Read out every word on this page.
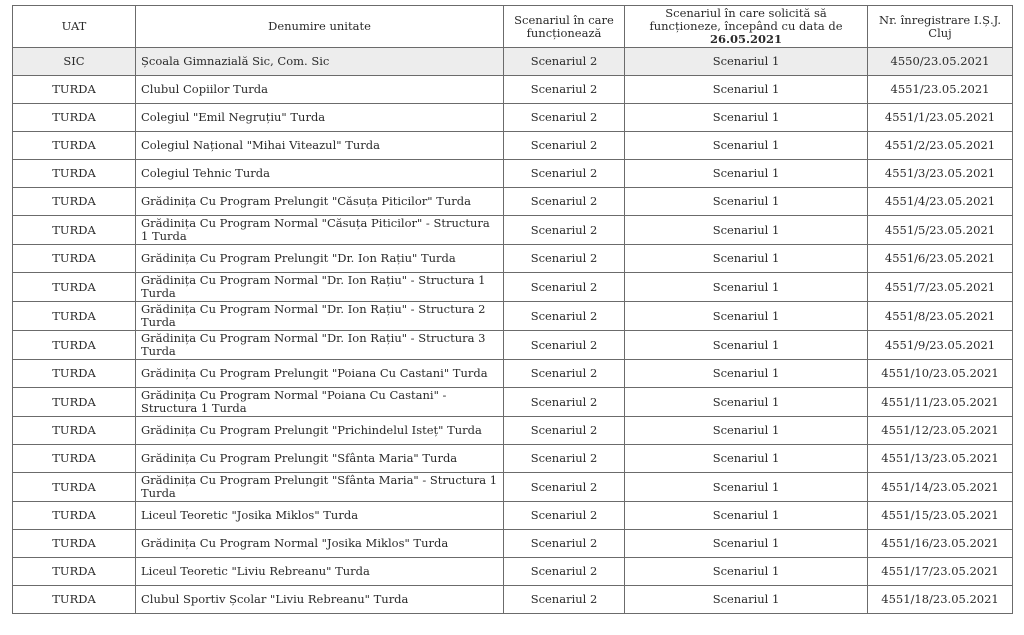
UAT	Denumire unitate	Scenariul în care funcționează	Scenariul în care solicită să funcționeze, începând cu data de 26.05.2021	Nr. înregistrare I.Ș.J. Cluj
SIC	Școala Gimnazială Sic, Com. Sic	Scenariul 2	Scenariul 1	4550/23.05.2021
TURDA	Clubul Copiilor Turda	Scenariul 2	Scenariul 1	4551/23.05.2021
TURDA	Colegiul "Emil Negruțiu" Turda	Scenariul 2	Scenariul 1	4551/1/23.05.2021
TURDA	Colegiul Național "Mihai Viteazul" Turda	Scenariul 2	Scenariul 1	4551/2/23.05.2021
TURDA	Colegiul Tehnic Turda	Scenariul 2	Scenariul 1	4551/3/23.05.2021
TURDA	Grădinița Cu Program Prelungit "Căsuța Piticilor" Turda	Scenariul 2	Scenariul 1	4551/4/23.05.2021
TURDA	Grădinița Cu Program Normal "Căsuța Piticilor" - Structura 1 Turda	Scenariul 2	Scenariul 1	4551/5/23.05.2021
TURDA	Grădinița Cu Program Prelungit "Dr. Ion Rațiu" Turda	Scenariul 2	Scenariul 1	4551/6/23.05.2021
TURDA	Grădinița Cu Program Normal "Dr. Ion Rațiu" - Structura 1 Turda	Scenariul 2	Scenariul 1	4551/7/23.05.2021
TURDA	Grădinița Cu Program Normal "Dr. Ion Rațiu" - Structura 2 Turda	Scenariul 2	Scenariul 1	4551/8/23.05.2021
TURDA	Grădinița Cu Program Normal "Dr. Ion Rațiu" - Structura 3 Turda	Scenariul 2	Scenariul 1	4551/9/23.05.2021
TURDA	Grădinița Cu Program Prelungit "Poiana Cu Castani" Turda	Scenariul 2	Scenariul 1	4551/10/23.05.2021
TURDA	Grădinița Cu Program Normal "Poiana Cu Castani" - Structura 1 Turda	Scenariul 2	Scenariul 1	4551/11/23.05.2021
TURDA	Grădinița Cu Program Prelungit "Prichindelul Isteț" Turda	Scenariul 2	Scenariul 1	4551/12/23.05.2021
TURDA	Grădinița Cu Program Prelungit "Sfânta Maria" Turda	Scenariul 2	Scenariul 1	4551/13/23.05.2021
TURDA	Grădinița Cu Program Prelungit "Sfânta Maria" - Structura 1 Turda	Scenariul 2	Scenariul 1	4551/14/23.05.2021
TURDA	Liceul Teoretic "Josika Miklos" Turda	Scenariul 2	Scenariul 1	4551/15/23.05.2021
TURDA	Grădinița Cu Program Normal "Josika Miklos" Turda	Scenariul 2	Scenariul 1	4551/16/23.05.2021
TURDA	Liceul Teoretic "Liviu Rebreanu" Turda	Scenariul 2	Scenariul 1	4551/17/23.05.2021
TURDA	Clubul Sportiv Școlar "Liviu Rebreanu" Turda	Scenariul 2	Scenariul 1	4551/18/23.05.2021
